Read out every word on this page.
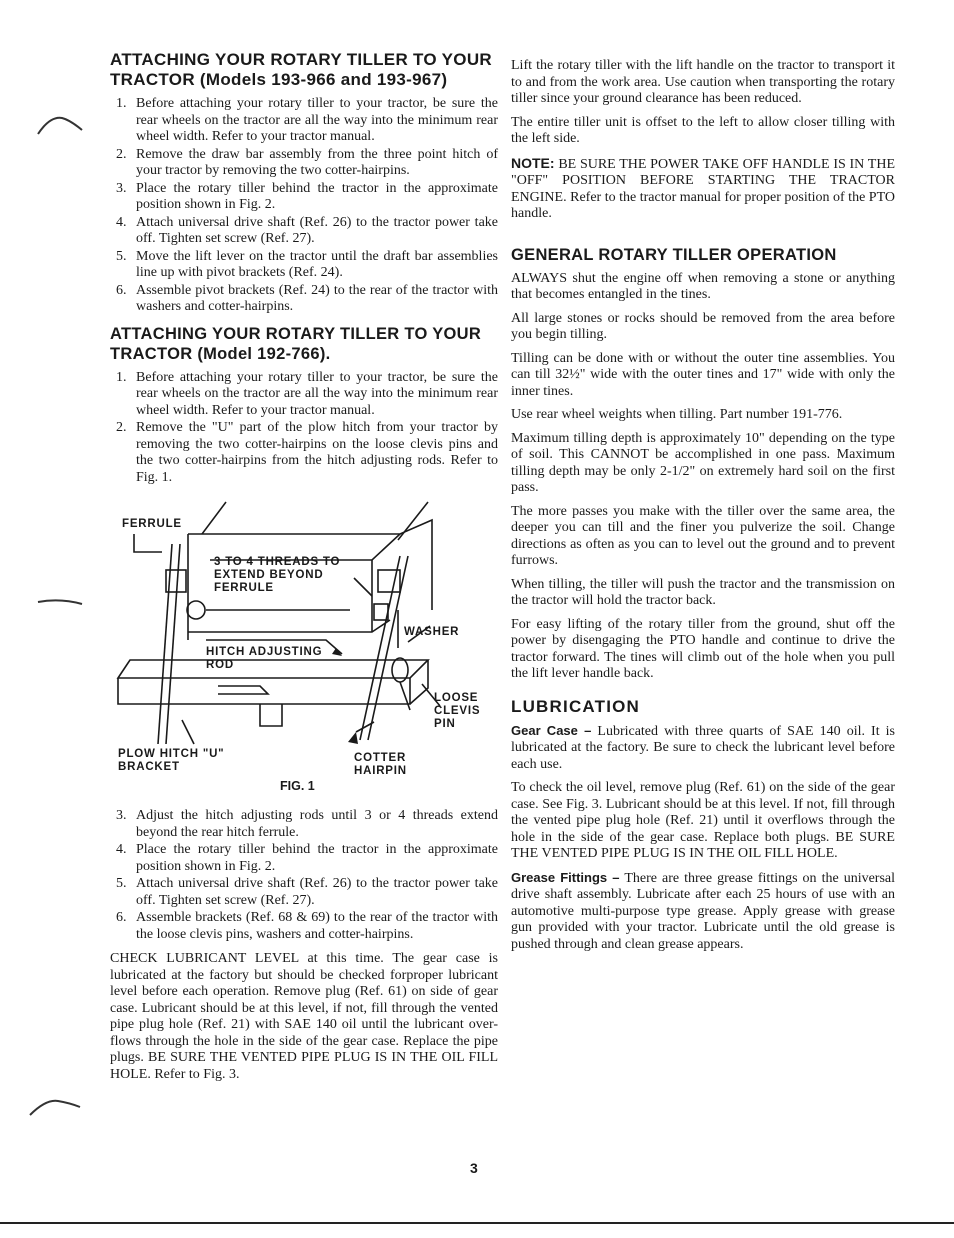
ATTACHING YOUR ROTARY TILLER TO YOUR TRACTOR (Models 193-966 and 193-967)
1. Before attaching your rotary tiller to your tractor, be sure the rear wheels on the tractor are all the way into the minimum rear wheel width. Refer to your tractor manual.
2. Remove the draw bar assembly from the three point hitch of your tractor by removing the two cotter-hairpins.
3. Place the rotary tiller behind the tractor in the approximate position shown in Fig. 2.
4. Attach universal drive shaft (Ref. 26) to the tractor power take off. Tighten set screw (Ref. 27).
5. Move the lift lever on the tractor until the draft bar assemblies line up with pivot brackets (Ref. 24).
6. Assemble pivot brackets (Ref. 24) to the rear of the tractor with washers and cotter-hairpins.
ATTACHING YOUR ROTARY TILLER TO YOUR TRACTOR (Model 192-766).
1. Before attaching your rotary tiller to your tractor, be sure the rear wheels on the tractor are all the way into the minimum rear wheel width. Refer to your tractor manual.
2. Remove the "U" part of the plow hitch from your tractor by removing the two cotter-hairpins on the loose clevis pins and the two cotter-hairpins from the hitch adjusting rods. Refer to Fig. 1.
FERRULE
3 TO 4 THREADS TO EXTEND BEYOND FERRULE
WASHER
HITCH ADJUSTING ROD
LOOSE CLEVIS PIN
PLOW HITCH "U" BRACKET
COTTER HAIRPIN
FIG. 1
3. Adjust the hitch adjusting rods until 3 or 4 threads extend beyond the rear hitch ferrule.
4. Place the rotary tiller behind the tractor in the approximate position shown in Fig. 2.
5. Attach universal drive shaft (Ref. 26) to the tractor power take off. Tighten set screw (Ref. 27).
6. Assemble brackets (Ref. 68 & 69) to the rear of the tractor with the loose clevis pins, washers and cotter-hairpins.

CHECK LUBRICANT LEVEL at this time. The gear case is lubricated at the factory but should be checked forproper lubricant level before each operation. Remove plug (Ref. 61) on side of gear case. Lubricant should be at this level, if not, fill through the vented pipe plug hole (Ref. 21) with SAE 140 oil until the lubricant over-flows through the hole in the side of the gear case. Replace the pipe plugs. BE SURE THE VENTED PIPE PLUG IS IN THE OIL FILL HOLE. Refer to Fig. 3.

Lift the rotary tiller with the lift handle on the tractor to transport it to and from the work area. Use caution when transporting the rotary tiller since your ground clearance has been reduced.

The entire tiller unit is offset to the left to allow closer tilling with the left side.

NOTE: BE SURE THE POWER TAKE OFF HANDLE IS IN THE "OFF" POSITION BEFORE STARTING THE TRACTOR ENGINE. Refer to the tractor manual for proper position of the PTO handle.

GENERAL ROTARY TILLER OPERATION

ALWAYS shut the engine off when removing a stone or anything that becomes entangled in the tines.

All large stones or rocks should be removed from the area before you begin tilling.

Tilling can be done with or without the outer tine assemblies. You can till 32½" wide with the outer tines and 17" wide with only the inner tines.

Use rear wheel weights when tilling. Part number 191-776.

Maximum tilling depth is approximately 10" depending on the type of soil. This CANNOT be accomplished in one pass. Maximum tilling depth may be only 2-1/2" on extremely hard soil on the first pass.

The more passes you make with the tiller over the same area, the deeper you can till and the finer you pulverize the soil. Change directions as often as you can to level out the ground and to prevent furrows.

When tilling, the tiller will push the tractor and the transmission on the tractor will hold the tractor back.

For easy lifting of the rotary tiller from the ground, shut off the power by disengaging the PTO handle and continue to drive the tractor forward. The tines will climb out of the hole when you pull the lift lever handle back.

LUBRICATION

Gear Case – Lubricated with three quarts of SAE 140 oil. It is lubricated at the factory. Be sure to check the lubricant level before each use.

To check the oil level, remove plug (Ref. 61) on the side of the gear case. See Fig. 3. Lubricant should be at this level. If not, fill through the vented pipe plug hole (Ref. 21) until it overflows through the hole in the side of the gear case. Replace both plugs. BE SURE THE VENTED PIPE PLUG IS IN THE OIL FILL HOLE.

Grease Fittings – There are three grease fittings on the universal drive shaft assembly. Lubricate after each 25 hours of use with an automotive multi-purpose type grease. Apply grease with grease gun provided with your tractor. Lubricate until the old grease is pushed through and clean grease appears.

3
